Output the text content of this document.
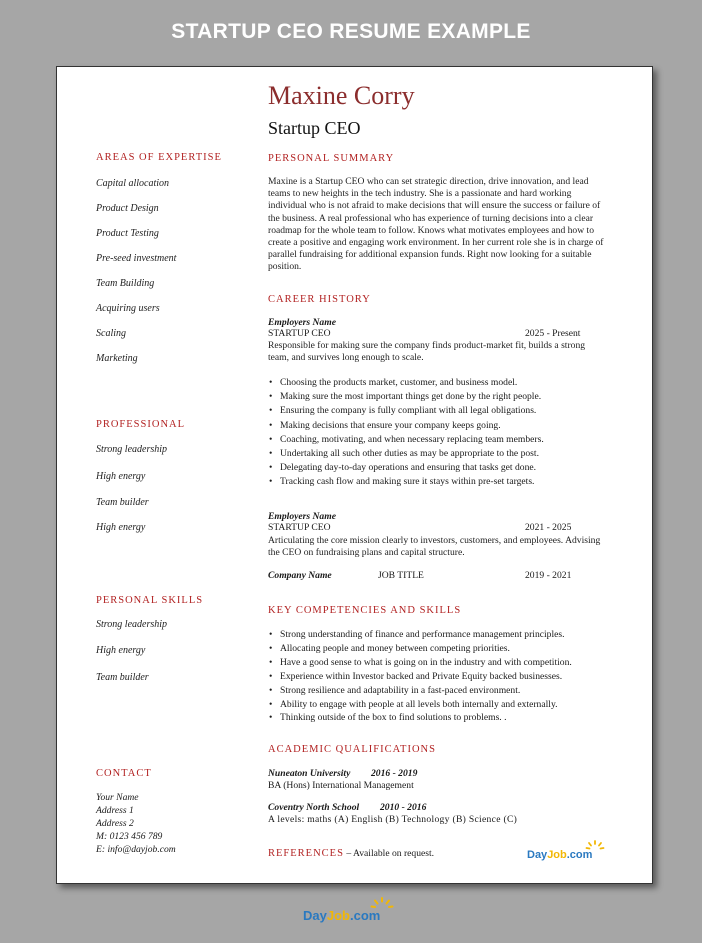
STARTUP CEO RESUME EXAMPLE
Maxine Corry
Startup CEO
AREAS OF EXPERTISE
Capital allocation
Product Design
Product Testing
Pre-seed investment
Team Building
Acquiring users
Scaling
Marketing
PROFESSIONAL
Strong leadership
High energy
Team builder
High energy
PERSONAL SKILLS
Strong leadership
High energy
Team builder
CONTACT
Your Name
Address 1
Address 2
M: 0123 456 789
E: info@dayjob.com
PERSONAL SUMMARY
Maxine is a Startup CEO who can set strategic direction, drive innovation, and lead teams to new heights in the tech industry. She is a passionate and hard working individual who is not afraid to make decisions that will ensure the success or failure of the business. A real professional who has experience of turning decisions into a clear roadmap for the whole team to follow. Knows what motivates employees and how to create a positive and engaging work environment. In her current role she is in charge of parallel fundraising for additional expansion funds. Right now looking for a suitable position.
CAREER HISTORY
Employers Name
STARTUP CEO	2025 - Present
Responsible for making sure the company finds product-market fit, builds a strong team, and survives long enough to scale.
• Choosing the products market, customer, and business model.
• Making sure the most important things get done by the right people.
• Ensuring the company is fully compliant with all legal obligations.
• Making decisions that ensure your company keeps going.
• Coaching, motivating, and when necessary replacing team members.
• Undertaking all such other duties as may be appropriate to the post.
• Delegating day-to-day operations and ensuring that tasks get done.
• Tracking cash flow and making sure it stays within pre-set targets.
Employers Name
STARTUP CEO	2021 - 2025
Articulating the core mission clearly to investors, customers, and employees. Advising the CEO on fundraising plans and capital structure.
Company Name	JOB TITLE	2019 - 2021
KEY COMPETENCIES AND SKILLS
• Strong understanding of finance and performance management principles.
• Allocating people and money between competing priorities.
• Have a good sense to what is going on in the industry and with competition.
• Experience within Investor backed and Private Equity backed businesses.
• Strong resilience and adaptability in a fast-paced environment.
• Ability to engage with people at all levels both internally and externally.
• Thinking outside of the box to find solutions to problems. .
ACADEMIC QUALIFICATIONS
Nuneaton University 2016 - 2019
BA (Hons) International Management
Coventry North School 2010 - 2016
A levels: maths (A) English (B) Technology (B) Science (C)
REFERENCES – Available on request.	DayJob.com
DayJob.com
